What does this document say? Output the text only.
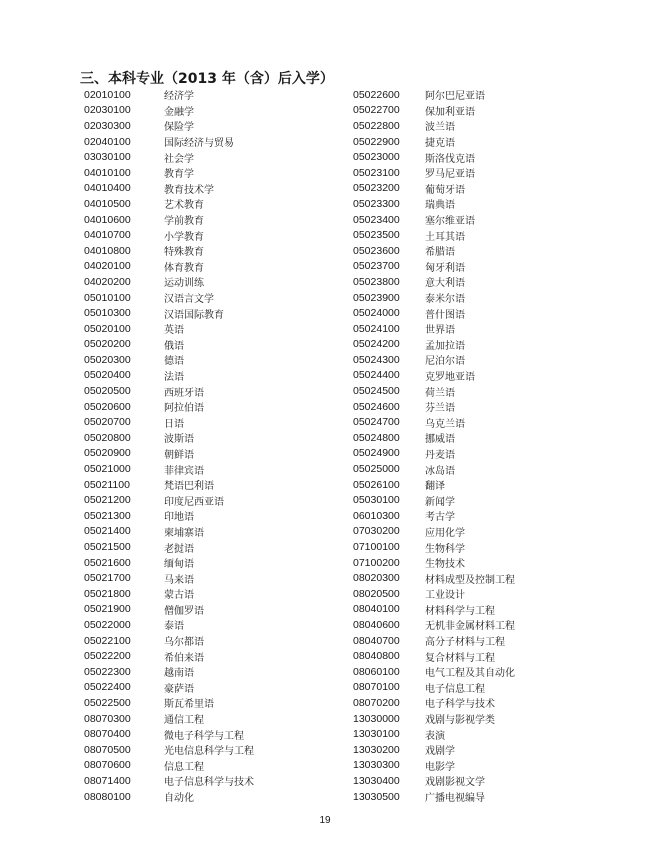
三、本科专业（2013 年（含）后入学）
02010100	经济学
02030100	金融学
02030300	保险学
02040100	国际经济与贸易
03030100	社会学
04010100	教育学
04010400	教育技术学
04010500	艺术教育
04010600	学前教育
04010700	小学教育
04010800	特殊教育
04020100	体育教育
04020200	运动训练
05010100	汉语言文学
05010300	汉语国际教育
05020100	英语
05020200	俄语
05020300	德语
05020400	法语
05020500	西班牙语
05020600	阿拉伯语
05020700	日语
05020800	波斯语
05020900	朝鲜语
05021000	菲律宾语
05021100	梵语巴利语
05021200	印度尼西亚语
05021300	印地语
05021400	柬埔寨语
05021500	老挝语
05021600	缅甸语
05021700	马来语
05021800	蒙古语
05021900	僧伽罗语
05022000	泰语
05022100	乌尔都语
05022200	希伯来语
05022300	越南语
05022400	豪萨语
05022500	斯瓦希里语
08070300	通信工程
08070400	微电子科学与工程
08070500	光电信息科学与工程
08070600	信息工程
08071400	电子信息科学与技术
08080100	自动化
05022600	阿尔巴尼亚语
05022700	保加利亚语
05022800	波兰语
05022900	捷克语
05023000	斯洛伐克语
05023100	罗马尼亚语
05023200	葡萄牙语
05023300	瑞典语
05023400	塞尔维亚语
05023500	土耳其语
05023600	希腊语
05023700	匈牙利语
05023800	意大利语
05023900	泰米尔语
05024000	普什图语
05024100	世界语
05024200	孟加拉语
05024300	尼泊尔语
05024400	克罗地亚语
05024500	荷兰语
05024600	芬兰语
05024700	乌克兰语
05024800	挪威语
05024900	丹麦语
05025000	冰岛语
05026100	翻译
05030100	新闻学
06010300	考古学
07030200	应用化学
07100100	生物科学
07100200	生物技术
08020300	材料成型及控制工程
08020500	工业设计
08040100	材料科学与工程
08040600	无机非金属材料工程
08040700	高分子材料与工程
08040800	复合材料与工程
08060100	电气工程及其自动化
08070100	电子信息工程
08070200	电子科学与技术
13030000	戏剧与影视学类
13030100	表演
13030200	戏剧学
13030300	电影学
13030400	戏剧影视文学
13030500	广播电视编导
19
